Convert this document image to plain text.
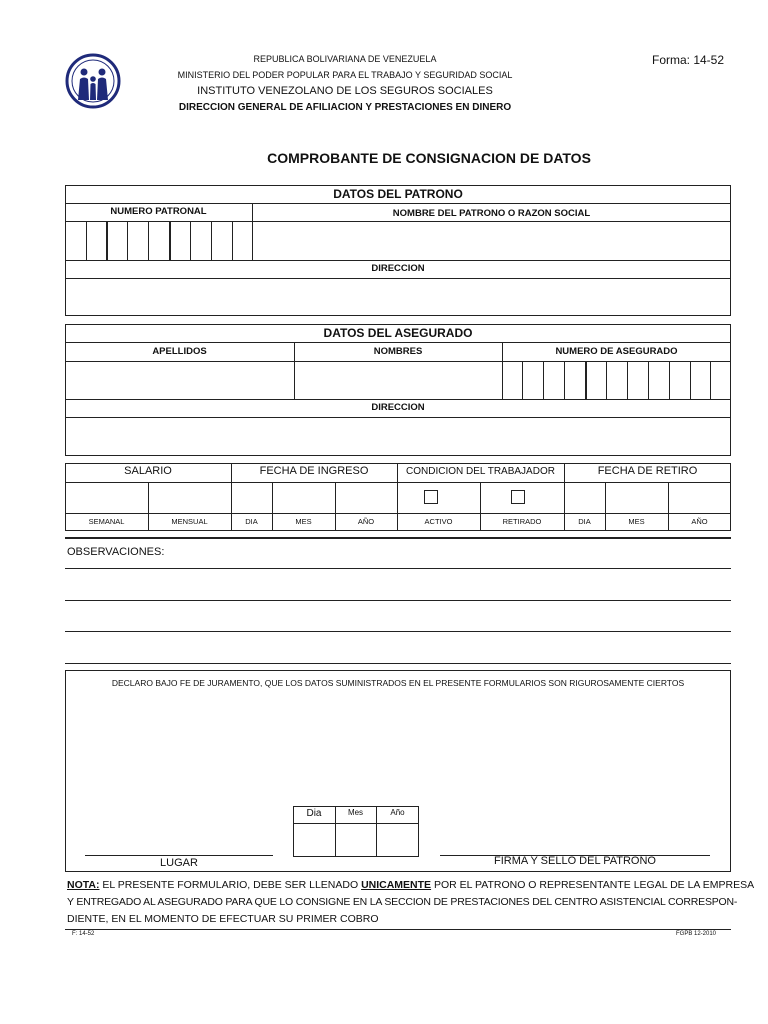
REPUBLICA BOLIVARIANA DE VENEZUELA
MINISTERIO DEL PODER POPULAR PARA EL TRABAJO Y SEGURIDAD SOCIAL
INSTITUTO VENEZOLANO DE LOS SEGUROS SOCIALES
DIRECCION GENERAL DE AFILIACION Y PRESTACIONES EN DINERO
Forma: 14-52
COMPROBANTE DE CONSIGNACION DE DATOS
DATOS DEL PATRONO
NUMERO PATRONAL	NOMBRE DEL PATRONO O RAZON SOCIAL
DIRECCION
DATOS DEL ASEGURADO
APELLIDOS	NOMBRES	NUMERO DE ASEGURADO
DIRECCION
SALARIO	FECHA DE INGRESO	CONDICION DEL TRABAJADOR	FECHA DE RETIRO
SEMANAL	MENSUAL	DIA	MES	AÑO	ACTIVO	RETIRADO	DIA	MES	AÑO
OBSERVACIONES:
DECLARO BAJO FE DE JURAMENTO, QUE LOS DATOS SUMINISTRADOS EN EL PRESENTE FORMULARIOS SON RIGUROSAMENTE CIERTOS
Dia	Mes	Año
LUGAR	FIRMA Y SELLO DEL PATRONO
NOTA: EL PRESENTE FORMULARIO, DEBE SER LLENADO UNICAMENTE POR EL PATRONO O REPRESENTANTE LEGAL DE LA EMPRESA
Y ENTREGADO AL ASEGURADO PARA QUE LO CONSIGNE EN LA SECCION DE PRESTACIONES DEL CENTRO ASISTENCIAL CORRESPON-
DIENTE, EN EL MOMENTO DE EFECTUAR SU PRIMER COBRO
F: 14-52	FGPB 12-2010
